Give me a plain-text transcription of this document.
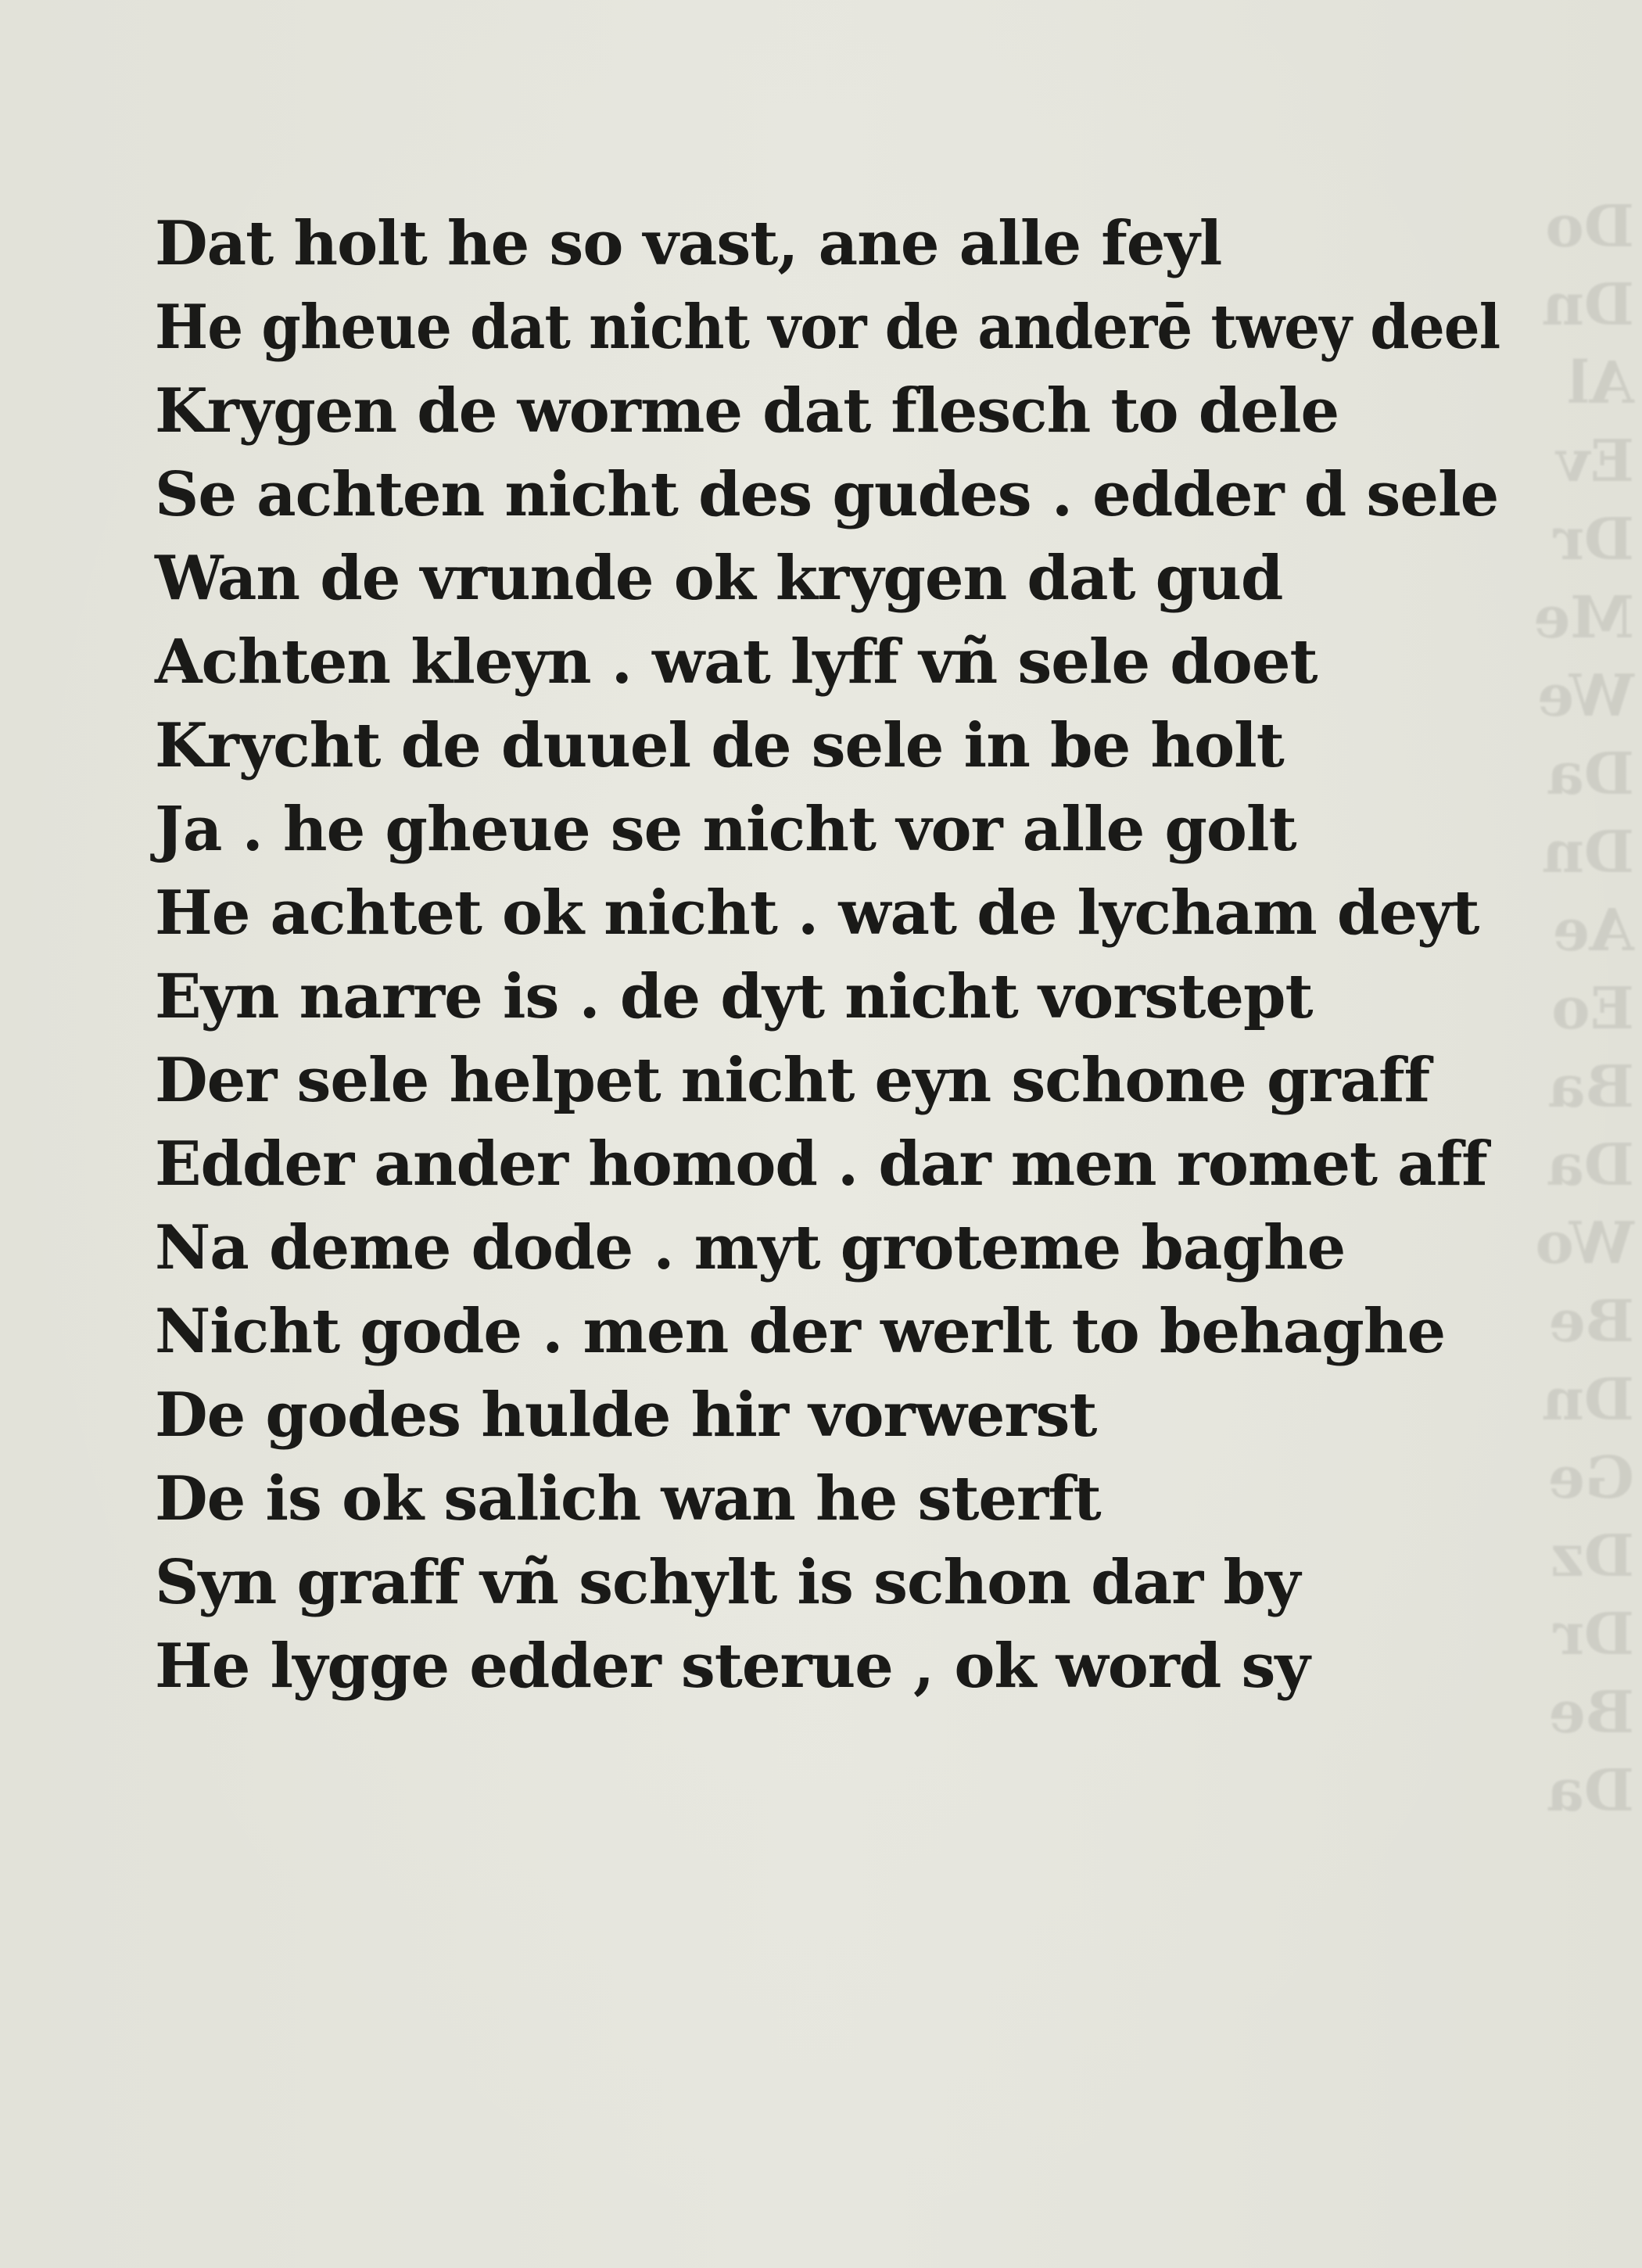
Do
Dn
Al
Ev
Dr
Me
We
Da
Dn
Ae
Eo
Ba
Da
Wo
Be
Dn
Ge
Dz
Dr
Be
Da
Dat holt he so vast, ane alle feyl
He gheue dat nicht vor de anderē twey deel
Krygen de worme dat flesch to dele
Se achten nicht des gudes . edder d sele
Wan de vrunde ok krygen dat gud
Achten kleyn . wat lyff vñ sele doet
Krycht de duuel de sele in be holt
Ja . he gheue se nicht vor alle golt
He achtet ok nicht . wat de lycham deyt
Eyn narre is . de dyt nicht vorstept
Der sele helpet nicht eyn schone graff
Edder ander homod . dar men romet aff
Na deme dode . myt groteme baghe
Nicht gode . men der werlt to behaghe
De godes hulde hir vorwerst
De is ok salich wan he sterft
Syn graff vñ schylt is schon dar by
He lygge edder sterue , ok word sy
